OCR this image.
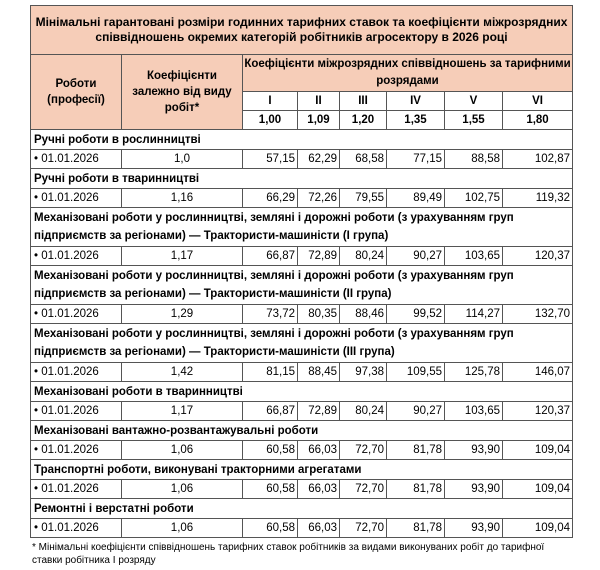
Мінімальні гарантовані розміри годинних тарифних ставок та коефіцієнти міжрозрядних співвідношень окремих категорій робітників агросектору в 2026 році							
Роботи (професії)	Коефіцієнти залежно від виду робіт*	Коефіцієнти міжрозрядних співвідношень за тарифними розрядами					
		I	II	III	IV	V	VI
		1,00	1,09	1,20	1,35	1,55	1,80
Ручні роботи в рослинництві							
• 01.01.2026	1,0	57,15	62,29	68,58	77,15	88,58	102,87
Ручні роботи в тваринництві							
• 01.01.2026	1,16	66,29	72,26	79,55	89,49	102,75	119,32
Механізовані роботи у рослинництві, земляні і дорожні роботи (з урахуванням груп підприємств за регіонами) — Трактористи-машиністи (І група)							
• 01.01.2026	1,17	66,87	72,89	80,24	90,27	103,65	120,37
Механізовані роботи у рослинництві, земляні і дорожні роботи (з урахуванням груп підприємств за регіонами) — Трактористи-машиністи (ІІ група)							
• 01.01.2026	1,29	73,72	80,35	88,46	99,52	114,27	132,70
Механізовані роботи у рослинництві, земляні і дорожні роботи (з урахуванням груп підприємств за регіонами) — Трактористи-машиністи (ІІІ група)							
• 01.01.2026	1,42	81,15	88,45	97,38	109,55	125,78	146,07
Механізовані роботи в тваринництві							
• 01.01.2026	1,17	66,87	72,89	80,24	90,27	103,65	120,37
Механізовані вантажно-розвантажувальні роботи							
• 01.01.2026	1,06	60,58	66,03	72,70	81,78	93,90	109,04
Транспортні роботи, виконувані тракторними агрегатами							
• 01.01.2026	1,06	60,58	66,03	72,70	81,78	93,90	109,04
Ремонтні і верстатні роботи							
• 01.01.2026	1,06	60,58	66,03	72,70	81,78	93,90	109,04
* Мінімальні коефіцієнти співвідношень тарифних ставок робітників за видами виконуваних робіт до тарифної ставки робітника І розряду
